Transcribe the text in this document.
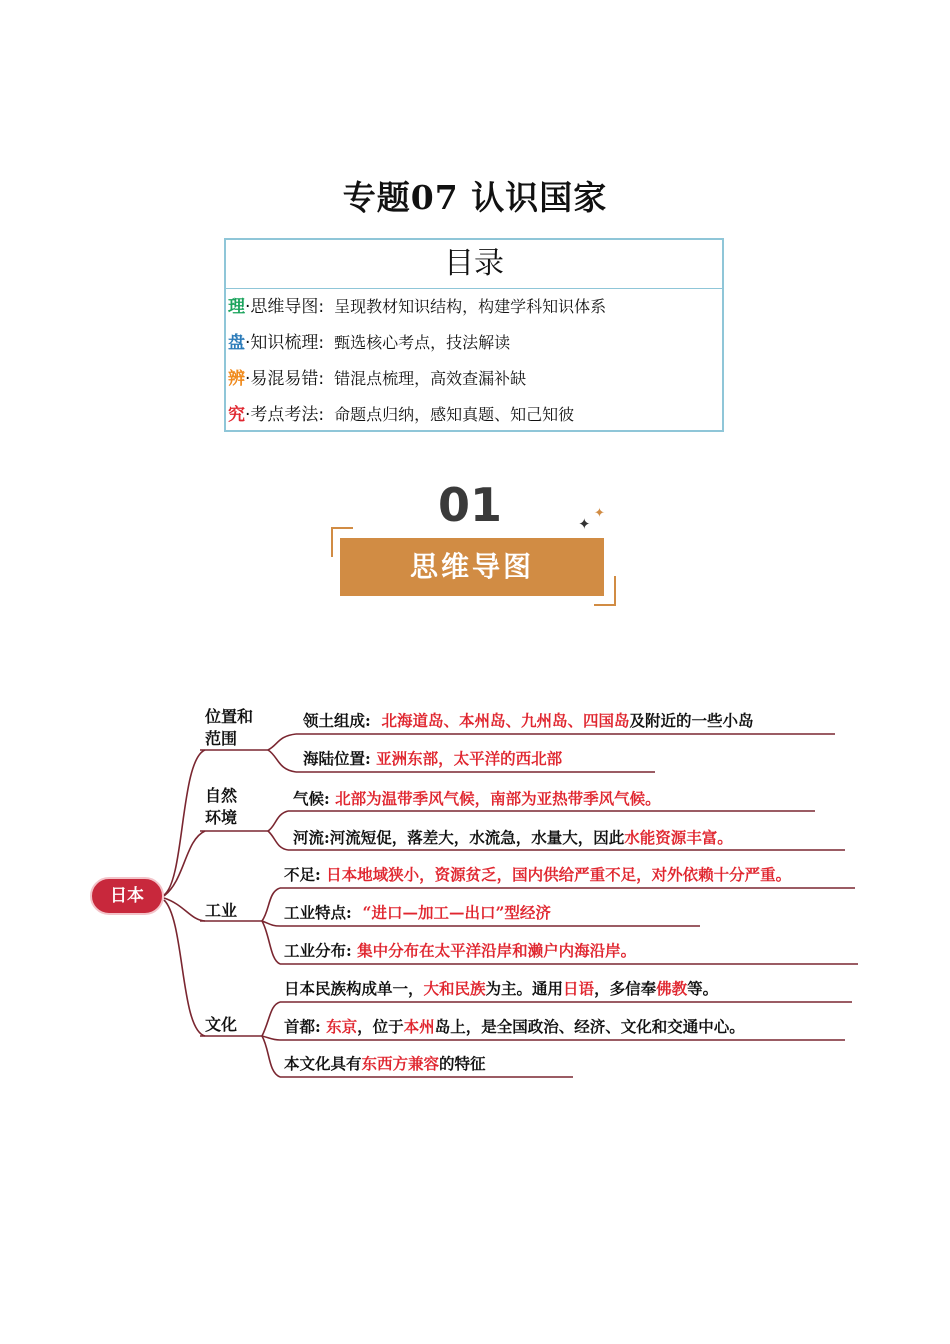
专题07 认识国家
目录
理·思维导图: 呈现教材知识结构，构建学科知识体系
盘·知识梳理: 甄选核心考点，技法解读
辨·易混易错: 错混点梳理，高效查漏补缺
究·考点考法: 命题点归纳，感知真题、知己知彼
01
思维导图
✦
✦
日本
位置和
范围
自然
环境
工业
文化
领土组成: 北海道岛、本州岛、九州岛、四国岛及附近的一些小岛
海陆位置: 亚洲东部，太平洋的西北部
气候: 北部为温带季风气候，南部为亚热带季风气候。
河流:河流短促，落差大，水流急，水量大，因此水能资源丰富。
不足: 日本地域狭小，资源贫乏，国内供给严重不足，对外依赖十分严重。
工业特点: “进口—加工—出口”型经济
工业分布: 集中分布在太平洋沿岸和濑户内海沿岸。
日本民族构成单一，大和民族为主。通用日语，多信奉佛教等。
首都: 东京，位于本州岛上，是全国政治、经济、文化和交通中心。
本文化具有东西方兼容的特征
